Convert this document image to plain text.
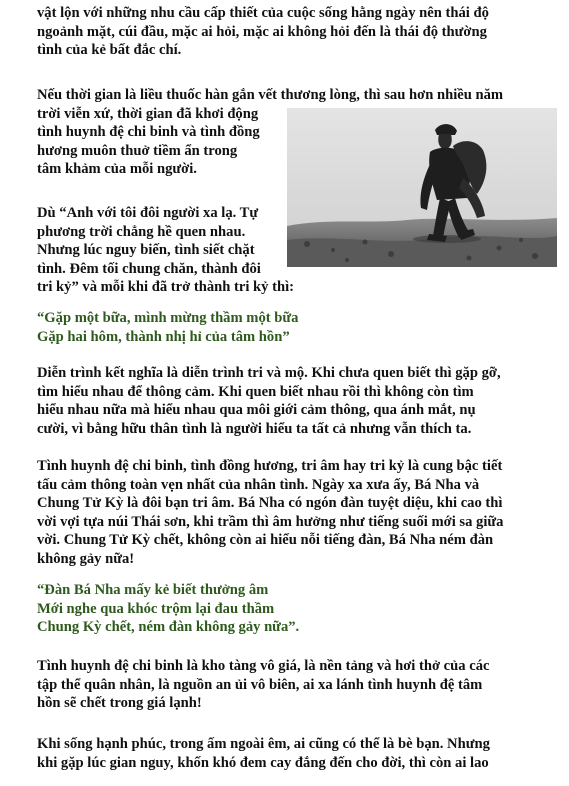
vật lộn với những nhu cầu cấp thiết của cuộc sống hằng ngày nên thái độ
ngoảnh mặt, cúi đầu, mặc ai hỏi, mặc ai không hỏi đến là thái độ thường
tình của kẻ bất đắc chí.
Nếu thời gian là liều thuốc hàn gắn vết thương lòng, thì sau hơn nhiều năm
trời viễn xứ, thời gian đã khơi động
tình huynh đệ chi binh và tình đồng
hương muôn thuở tiềm ẩn trong
tâm khảm của mỗi người.
Dù “Anh với tôi đôi người xa lạ. Tự
phương trời chẳng hề quen nhau.
Nhưng lúc nguy biến, tình siết chặt
tình. Đêm tối chung chăn, thành đôi
tri kỷ” và mỗi khi đã trở thành tri kỷ thì:
“Gặp một bữa, mình mừng thầm một bữa
Gặp hai hôm, thành nhị hỉ của tâm hồn”
Diễn trình kết nghĩa là diễn trình tri và mộ. Khi chưa quen biết thì gặp gỡ,
tìm hiểu nhau để thông cảm. Khi quen biết nhau rồi thì không còn tìm
hiểu nhau nữa mà hiểu nhau qua môi giới cảm thông, qua ánh mắt, nụ
cười, vì bằng hữu thân tình là người hiểu ta tất cả nhưng vẫn thích ta.
Tình huynh đệ chi binh, tình đồng hương, tri âm hay tri kỷ là cung bậc tiết
tấu cảm thông toàn vẹn nhất của nhân tình. Ngày xa xưa ấy, Bá Nha và
Chung Tử Kỳ là đôi bạn tri âm. Bá Nha có ngón đàn tuyệt diệu, khi cao thì
vời vợi tựa núi Thái sơn, khi trầm thì âm hưởng như tiếng suối mới sa giữa
vời. Chung Tử Kỳ chết, không còn ai hiểu nỗi tiếng đàn, Bá Nha ném đàn
không gảy nữa!
“Đàn Bá Nha mấy kẻ biết thưởng âm
Mới nghe qua khóc trộm lại đau thầm
Chung Kỳ chết, ném đàn không gảy nữa”.
Tình huynh đệ chi binh là kho tàng vô giá, là nền tảng và hơi thở của các
tập thể quân nhân, là nguồn an ủi vô biên, ai xa lánh tình huynh đệ tâm
hồn sẽ chết trong giá lạnh!
Khi sống hạnh phúc, trong ấm ngoài êm, ai cũng có thể là bè bạn. Nhưng
khi gặp lúc gian nguy, khốn khó đem cay đắng đến cho đời, thì còn ai lao
